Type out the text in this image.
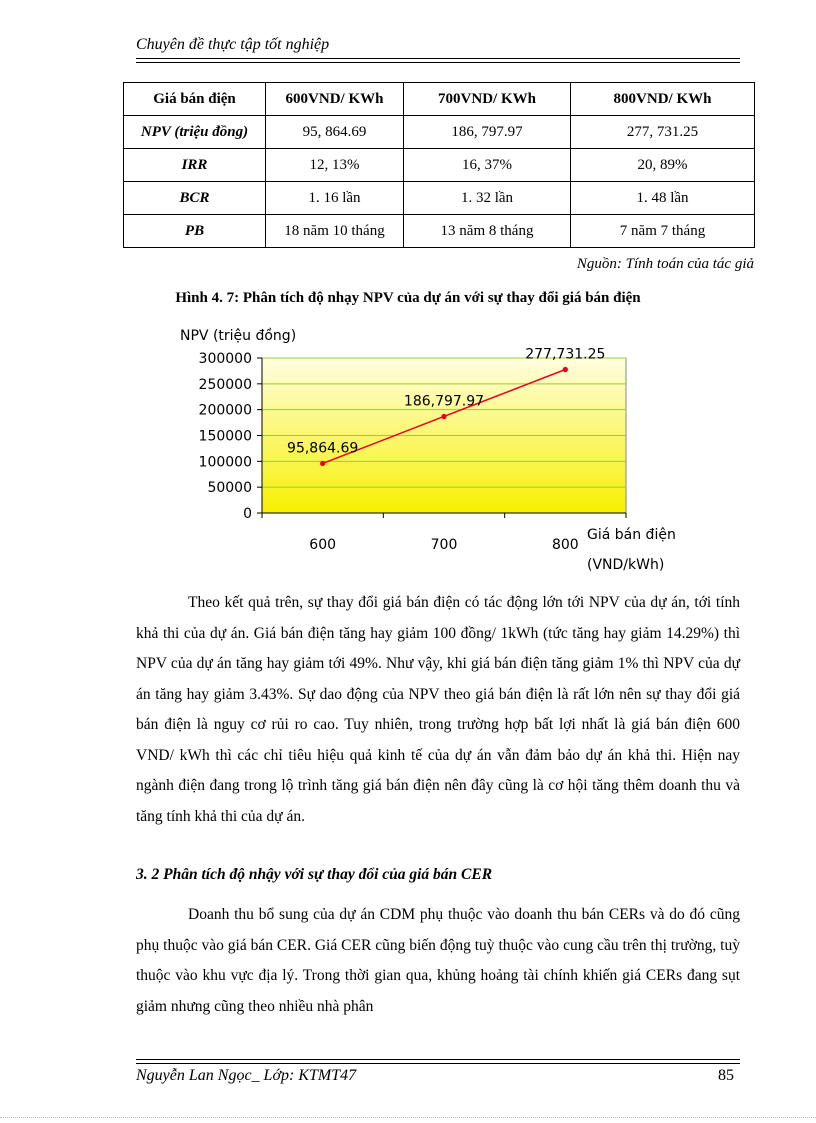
Chuyên đề thực tập tốt nghiệp
Giá bán điện	600VND/ KWh	700VND/ KWh	800VND/ KWh
NPV (triệu đồng)	95, 864.69	186, 797.97	277, 731.25
IRR	12, 13%	16, 37%	20, 89%
BCR	1. 16 lần	1. 32 lần	1. 48 lần
PB	18 năm 10 tháng	13 năm 8 tháng	7 năm 7 tháng
Nguồn: Tính toán của tác giả
Hình 4. 7: Phân tích độ nhạy NPV của dự án với sự thay đổi giá bán điện
NPV (triệu đồng)
0
50000
100000
150000
200000
250000
300000
600	700	800
95,864.69
186,797.97
277,731.25
Giá bán điện
(VND/kWh)
Theo kết quả trên, sự thay đổi giá bán điện có tác động lớn tới NPV của dự án, tới tính khả thi của dự án. Giá bán điện tăng hay giảm 100 đồng/ 1kWh (tức tăng hay giảm 14.29%) thì NPV của dự án tăng hay giảm tới 49%. Như vậy, khi giá bán điện tăng giảm 1% thì NPV của dự án tăng hay giảm 3.43%. Sự dao động của NPV theo giá bán điện là rất lớn nên sự thay đổi giá bán điện là nguy cơ rủi ro cao. Tuy nhiên, trong trường hợp bất lợi nhất là giá bán điện 600 VND/ kWh thì các chỉ tiêu hiệu quả kinh tế của dự án vẫn đảm bảo dự án khả thi. Hiện nay ngành điện đang trong lộ trình tăng giá bán điện nên đây cũng là cơ hội tăng thêm doanh thu và tăng tính khả thi của dự án.
3. 2 Phân tích độ nhậy với sự thay đổi của giá bán CER
Doanh thu bổ sung của dự án CDM phụ thuộc vào doanh thu bán CERs và do đó cũng phụ thuộc vào giá bán CER. Giá CER cũng biến động tuỳ thuộc vào cung cầu trên thị trường, tuỳ thuộc vào khu vực địa lý. Trong thời gian qua, khủng hoảng tài chính khiến giá CERs đang sụt giảm nhưng cũng theo nhiều nhà phân
Nguyễn Lan Ngọc_ Lớp: KTMT47	85
